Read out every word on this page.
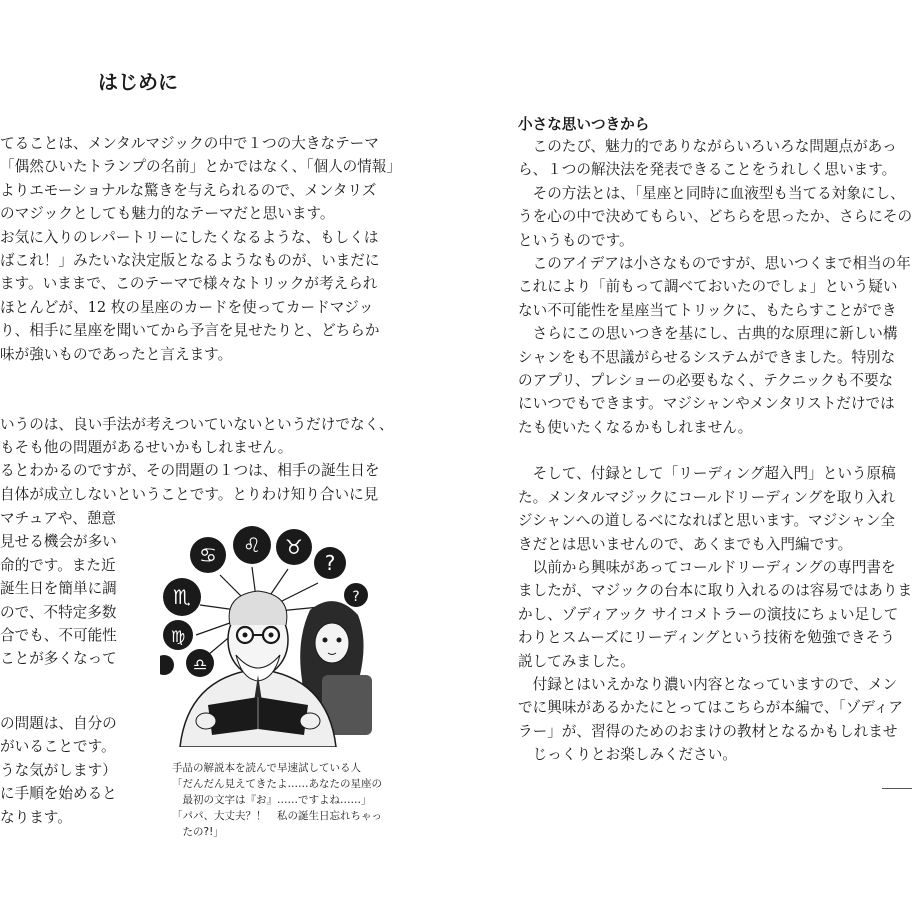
はじめに
てることは、メンタルマジックの中で１つの大きなテーマ
「偶然ひいたトランプの名前」とかではなく、「個人の情報」
よりエモーショナルな驚きを与えられるので、メンタリズ
のマジックとしても魅力的なテーマだと思います。
お気に入りのレパートリーにしたくなるような、もしくは
ばこれ！」みたいな決定版となるようなものが、いまだに
ます。いままで、このテーマで様々なトリックが考えられ
ほとんどが、12 枚の星座のカードを使ってカードマジッ
り、相手に星座を聞いてから予言を見せたりと、どちらか
味が強いものであったと言えます。
いうのは、良い手法が考えついていないというだけでなく、
もそも他の問題があるせいかもしれません。
るとわかるのですが、その問題の１つは、相手の誕生日を
自体が成立しないということです。とりわけ知り合いに見
マチュアや、憩意
見せる機会が多い
命的です。また近
誕生日を簡単に調
ので、不特定多数
合でも、不可能性
ことが多くなって
の問題は、自分の
がいることです。
うな気がします）
に手順を始めると
なります。
♋ ♌ ♉
?
♏
♍
♎
?
手品の解説本を読んで早速試している人
「だんだん見えてきたよ……あなたの星座の
　最初の文字は『お』……ですよね……」
「パパ、大丈夫？！　私の誕生日忘れちゃっ
　たの?!」
小さな思いつきから
　このたび、魅力的でありながらいろいろな問題点があっ
ら、１つの解決法を発表できることをうれしく思います。
　その方法とは、「星座と同時に血液型も当てる対象にし、
うを心の中で決めてもらい、どちらを思ったか、さらにその
というものです。
　このアイデアは小さなものですが、思いつくまで相当の年
これにより「前もって調べておいたのでしょ」という疑い
ない不可能性を星座当てトリックに、もたらすことができ
　さらにこの思いつきを基にし、古典的な原理に新しい構
シャンをも不思議がらせるシステムができました。特別な
のアプリ、プレショーの必要もなく、テクニックも不要な
にいつでもできます。マジシャンやメンタリストだけでは
たも使いたくなるかもしれません。
　そして、付録として「リーディング超入門」という原稿
た。メンタルマジックにコールドリーディングを取り入れ
ジシャンへの道しるべになればと思います。マジシャン全
きだとは思いませんので、あくまでも入門編です。
　以前から興味があってコールドリーディングの専門書を
ましたが、マジックの台本に取り入れるのは容易ではありま
かし、ゾディアック サイコメトラーの演技にちょい足して
わりとスムーズにリーディングという技術を勉強できそう
説してみました。
　付録とはいえかなり濃い内容となっていますので、メン
でに興味があるかたにとってはこちらが本編で、「ゾディア
ラー」が、習得のためのおまけの教材となるかもしれませ
　じっくりとお楽しみください。
